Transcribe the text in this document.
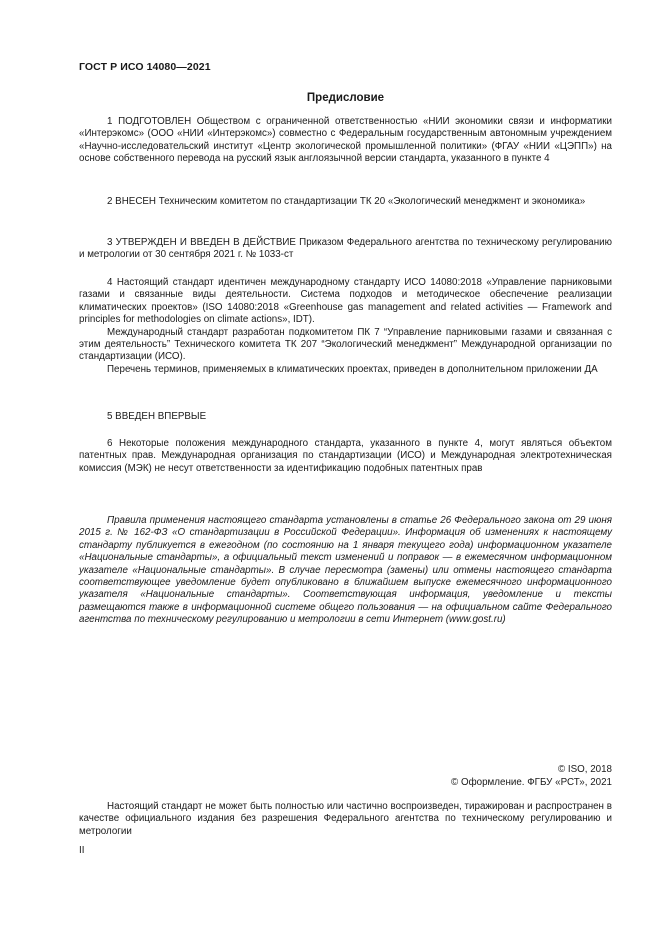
ГОСТ Р ИСО 14080—2021
Предисловие

1 ПОДГОТОВЛЕН Обществом с ограниченной ответственностью «НИИ экономики связи и информатики «Интерэкомс» (ООО «НИИ «Интерэкомс») совместно с Федеральным государственным автономным учреждением «Научно-исследовательский институт «Центр экологической промышленной политики» (ФГАУ «НИИ «ЦЭПП») на основе собственного перевода на русский язык англоязычной версии стандарта, указанного в пункте 4

2 ВНЕСЕН Техническим комитетом по стандартизации ТК 20 «Экологический менеджмент и экономика»

3 УТВЕРЖДЕН И ВВЕДЕН В ДЕЙСТВИЕ Приказом Федерального агентства по техническому регулированию и метрологии от 30 сентября 2021 г. № 1033-ст

4 Настоящий стандарт идентичен международному стандарту ИСО 14080:2018 «Управление парниковыми газами и связанные виды деятельности. Система подходов и методическое обеспечение реализации климатических проектов» (ISO 14080:2018 «Greenhouse gas management and related activities — Framework and principles for methodologies on climate actions», IDT).

Международный стандарт разработан подкомитетом ПК 7 “Управление парниковыми газами и связанная с этим деятельность” Технического комитета ТК 207 “Экологический менеджмент” Международной организации по стандартизации (ИСО).

Перечень терминов, применяемых в климатических проектах, приведен в дополнительном приложении ДА

5 ВВЕДЕН ВПЕРВЫЕ

6 Некоторые положения международного стандарта, указанного в пункте 4, могут являться объектом патентных прав. Международная организация по стандартизации (ИСО) и Международная электротехническая комиссия (МЭК) не несут ответственности за идентификацию подобных патентных прав

Правила применения настоящего стандарта установлены в статье 26 Федерального закона от 29 июня 2015 г. № 162-ФЗ «О стандартизации в Российской Федерации». Информация об изменениях к настоящему стандарту публикуется в ежегодном (по состоянию на 1 января текущего года) информационном указателе «Национальные стандарты», а официальный текст изменений и поправок — в ежемесячном информационном указателе «Национальные стандарты». В случае пересмотра (замены) или отмены настоящего стандарта соответствующее уведомление будет опубликовано в ближайшем выпуске ежемесячного информационного указателя «Национальные стандарты». Соответствующая информация, уведомление и тексты размещаются также в информационной системе общего пользования — на официальном сайте Федерального агентства по техническому регулированию и метрологии в сети Интернет (www.gost.ru)

© ISO, 2018
© Оформление. ФГБУ «РСТ», 2021

Настоящий стандарт не может быть полностью или частично воспроизведен, тиражирован и распространен в качестве официального издания без разрешения Федерального агентства по техническому регулированию и метрологии

II
